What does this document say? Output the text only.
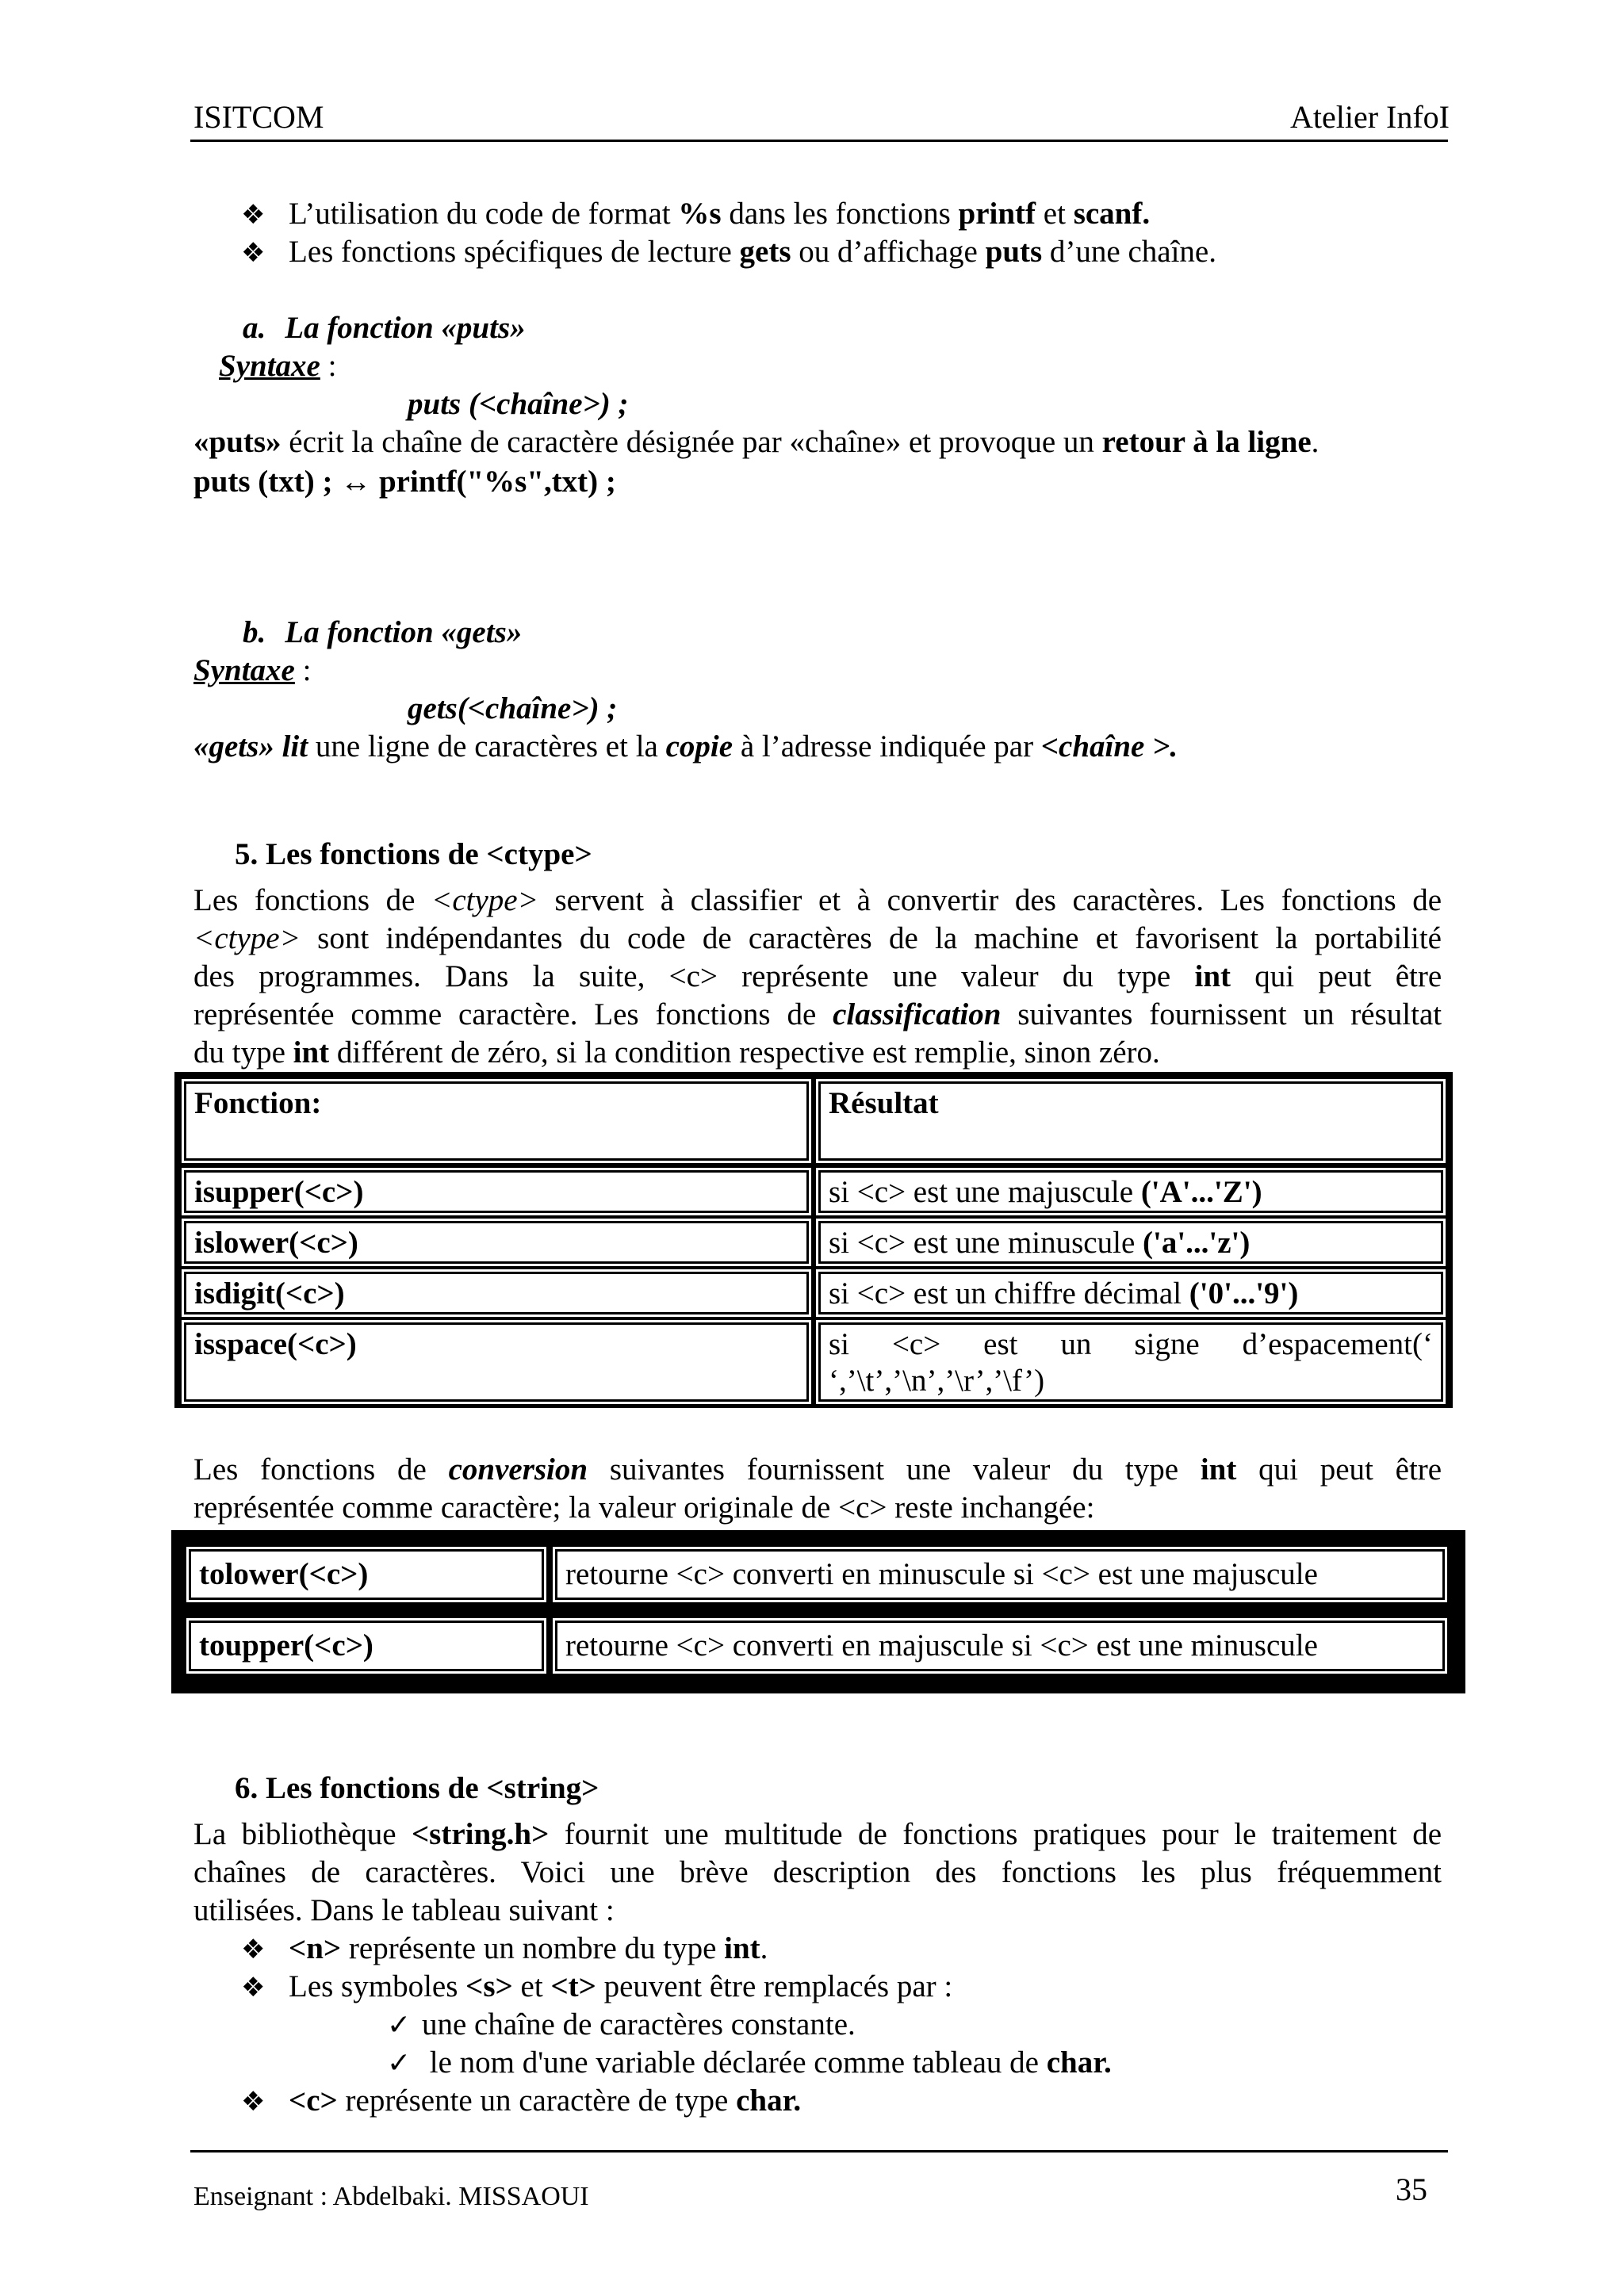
ISITCOM	Atelier InfoI
❖ L’utilisation du code de format %s dans les fonctions printf et scanf.
❖ Les fonctions spécifiques de lecture gets ou d’affichage puts d’une chaîne.
a. La fonction «puts»
Syntaxe :
puts (<chaîne>) ;
«puts» écrit la chaîne de caractère désignée par «chaîne» et provoque un retour à la ligne.
puts (txt) ; ↔ printf("%s",txt) ;
b. La fonction «gets»
Syntaxe :
gets(<chaîne>) ;
«gets» lit une ligne de caractères et la copie à l’adresse indiquée par <chaîne >.
5. Les fonctions de <ctype>
Les fonctions de <ctype> servent à classifier et à convertir des caractères. Les fonctions de
<ctype> sont indépendantes du code de caractères de la machine et favorisent la portabilité
des programmes. Dans la suite, <c> représente une valeur du type int qui peut être
représentée comme caractère. Les fonctions de classification suivantes fournissent un résultat
du type int différent de zéro, si la condition respective est remplie, sinon zéro.
Fonction:	Résultat
isupper(<c>)	si <c> est une majuscule ('A'...'Z')
islower(<c>)	si <c> est une minuscule ('a'...'z')
isdigit(<c>)	si <c> est un chiffre décimal ('0'...'9')
isspace(<c>)	si <c> est un signe d’espacement(‘
‘,’\t’,’\n’,’\r’,’\f’)
Les fonctions de conversion suivantes fournissent une valeur du type int qui peut être
représentée comme caractère; la valeur originale de <c> reste inchangée:
tolower(<c>)	retourne <c> converti en minuscule si <c> est une majuscule
toupper(<c>)	retourne <c> converti en majuscule si <c> est une minuscule
6. Les fonctions de <string>
La bibliothèque <string.h> fournit une multitude de fonctions pratiques pour le traitement de
chaînes de caractères. Voici une brève description des fonctions les plus fréquemment
utilisées. Dans le tableau suivant :
❖ <n> représente un nombre du type int.
❖ Les symboles <s> et <t> peuvent être remplacés par :
✓ une chaîne de caractères constante.
✓ le nom d'une variable déclarée comme tableau de char.
❖ <c> représente un caractère de type char.
Enseignant : Abdelbaki. MISSAOUI	35
